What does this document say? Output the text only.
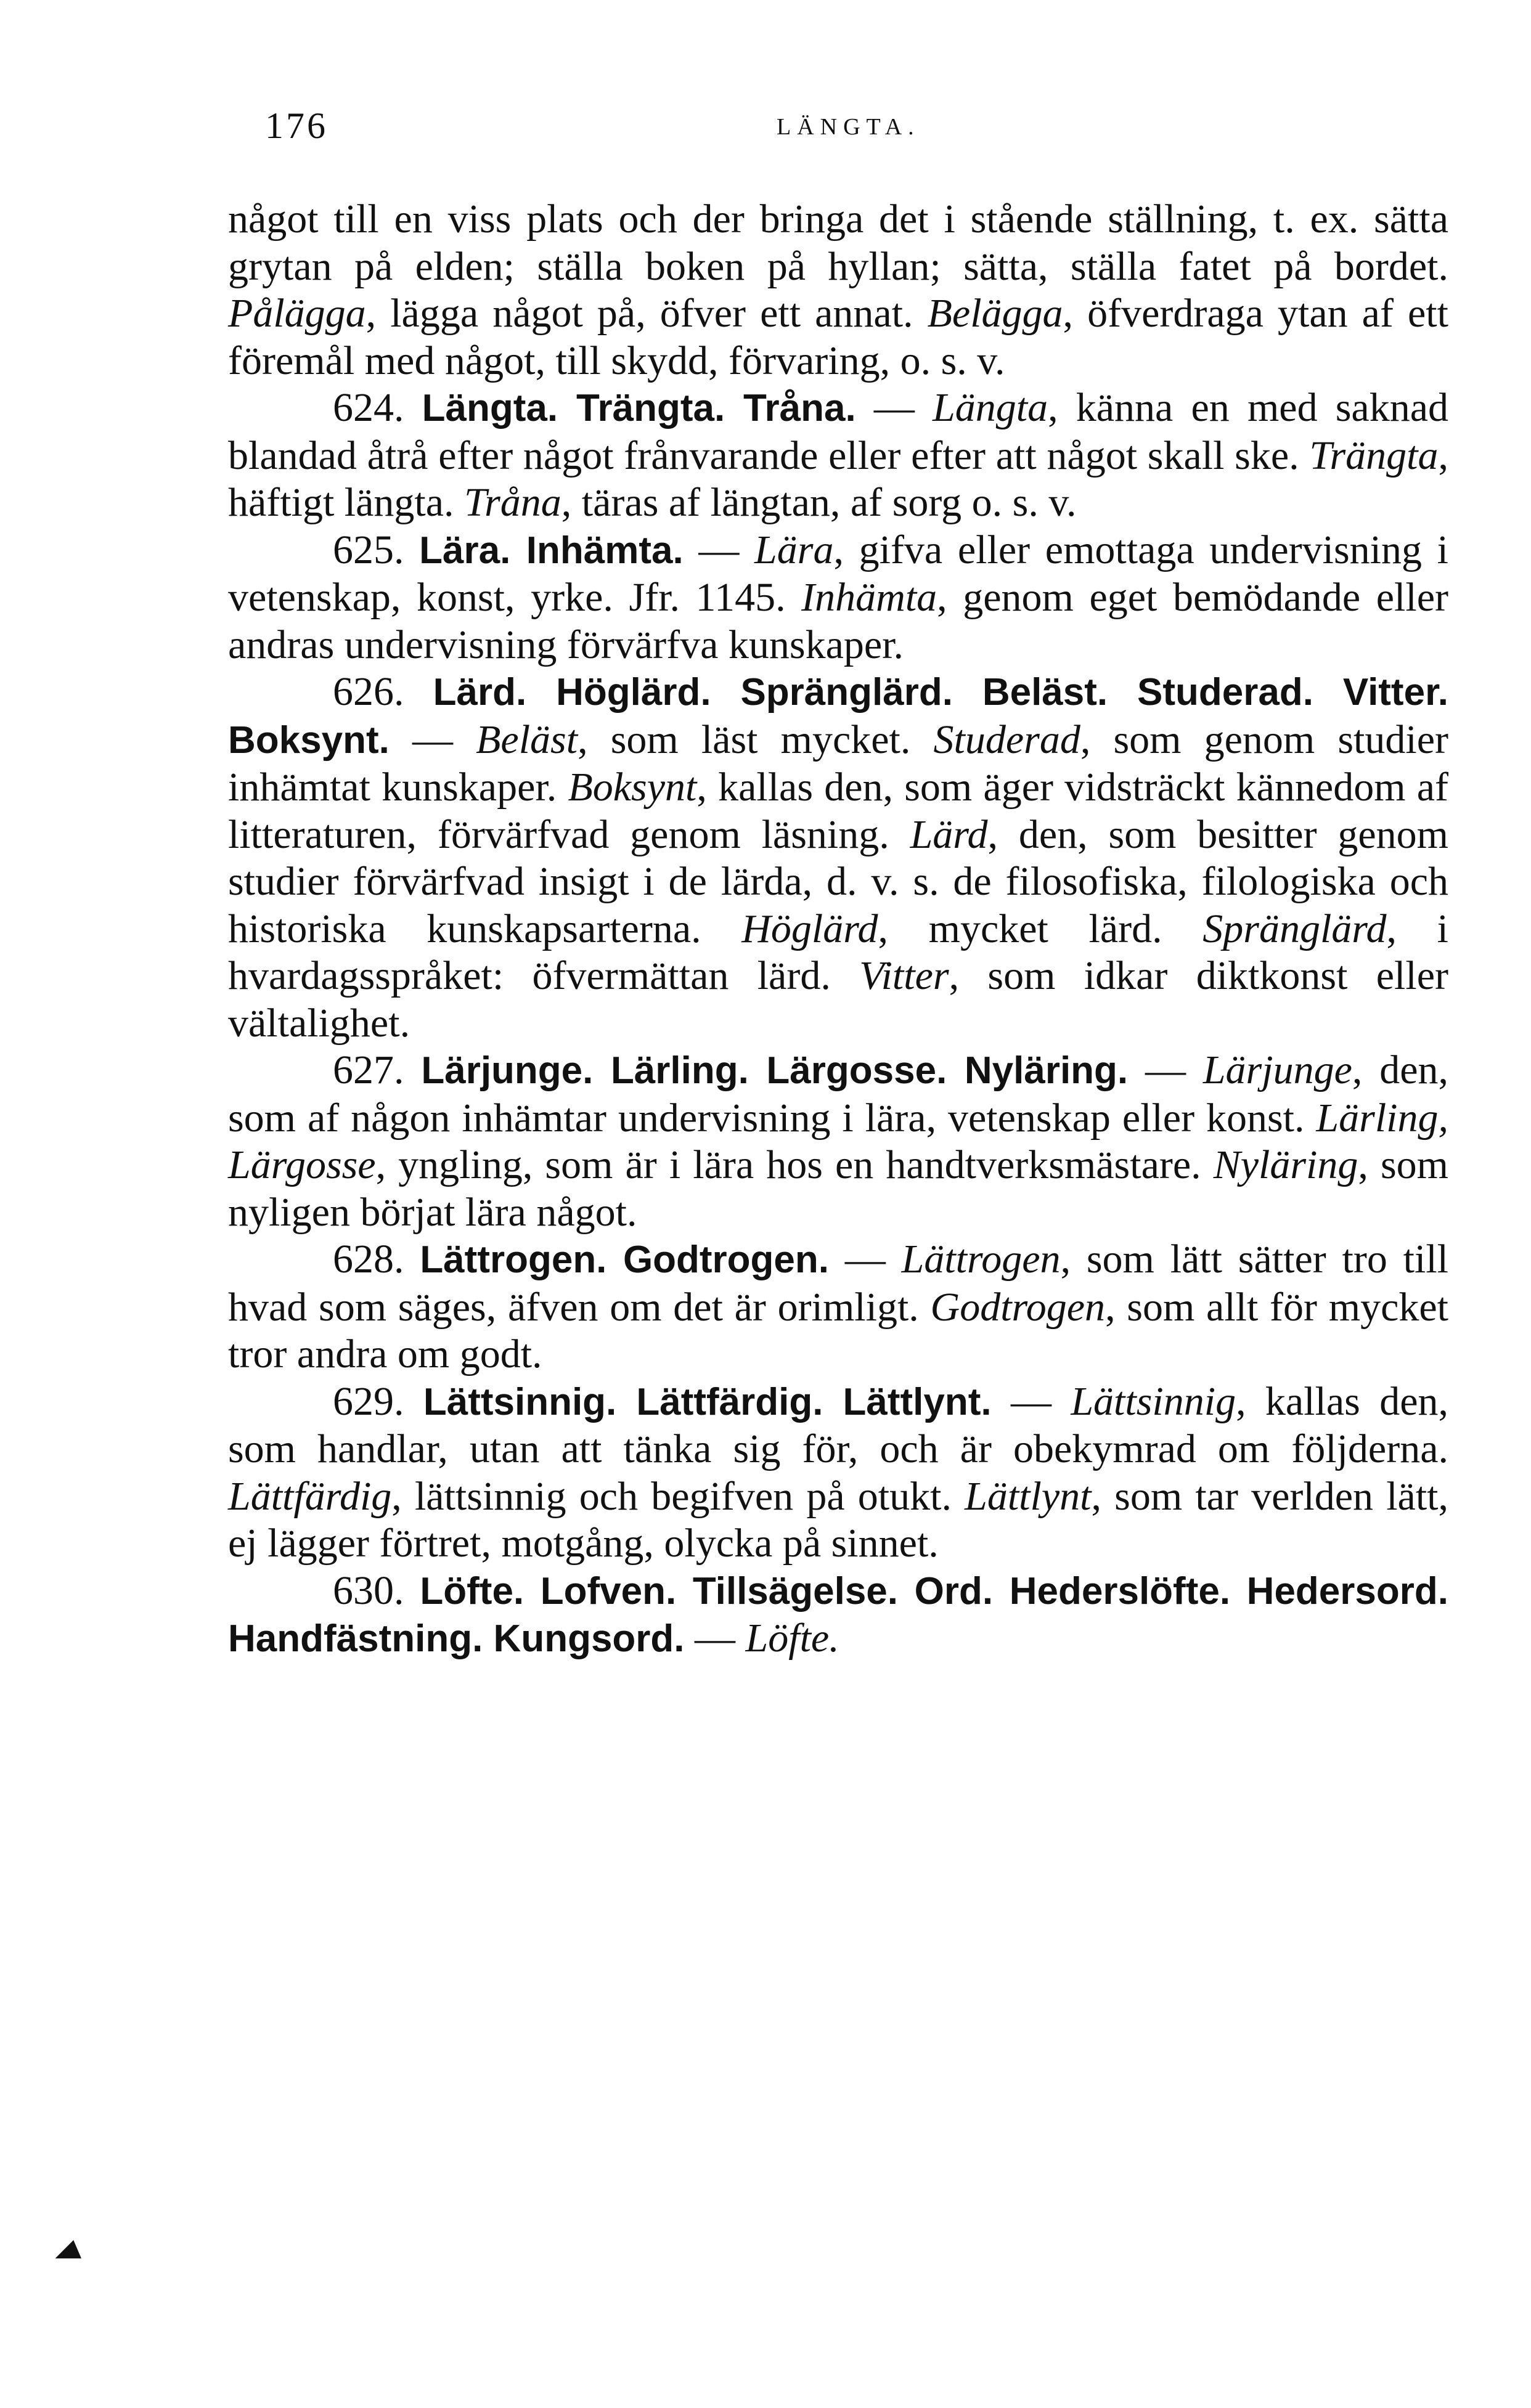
176	LÄNGTA.

något till en viss plats och der bringa det i stående ställning, t. ex. sätta grytan på elden; ställa boken på hyllan; sätta, ställa fatet på bordet. Pålägga, lägga något på, öfver ett annat. Belägga, öfverdraga ytan af ett föremål med något, till skydd, förvaring, o. s. v.

624. Längta. Trängta. Tråna. — Längta, känna en med saknad blandad åtrå efter något frånvarande eller efter att något skall ske. Trängta, häftigt längta. Tråna, täras af längtan, af sorg o. s. v.

625. Lära. Inhämta. — Lära, gifva eller emottaga undervisning i vetenskap, konst, yrke. Jfr. 1145. Inhämta, genom eget bemödande eller andras undervisning förvärfva kunskaper.

626. Lärd. Höglärd. Spränglärd. Beläst. Studerad. Vitter. Boksynt. — Beläst, som läst mycket. Studerad, som genom studier inhämtat kunskaper. Boksynt, kallas den, som äger vidsträckt kännedom af litteraturen, förvärfvad genom läsning. Lärd, den, som besitter genom studier förvärfvad insigt i de lärda, d. v. s. de filosofiska, filologiska och historiska kunskapsarterna. Höglärd, mycket lärd. Spränglärd, i hvardagsspråket: öfvermättan lärd. Vitter, som idkar diktkonst eller vältalighet.

627. Lärjunge. Lärling. Lärgosse. Nyläring. — Lärjunge, den, som af någon inhämtar undervisning i lära, vetenskap eller konst. Lärling, Lärgosse, yngling, som är i lära hos en handtverksmästare. Nyläring, som nyligen börjat lära något.

628. Lättrogen. Godtrogen. — Lättrogen, som lätt sätter tro till hvad som säges, äfven om det är orimligt. Godtrogen, som allt för mycket tror andra om godt.

629. Lättsinnig. Lättfärdig. Lättlynt. — Lättsinnig, kallas den, som handlar, utan att tänka sig för, och är obekymrad om följderna. Lättfärdig, lättsinnig och begifven på otukt. Lättlynt, som tar verlden lätt, ej lägger förtret, motgång, olycka på sinnet.

630. Löfte. Lofven. Tillsägelse. Ord. Hederslöfte. Hedersord. Handfästning. Kungsord. — Löfte.
